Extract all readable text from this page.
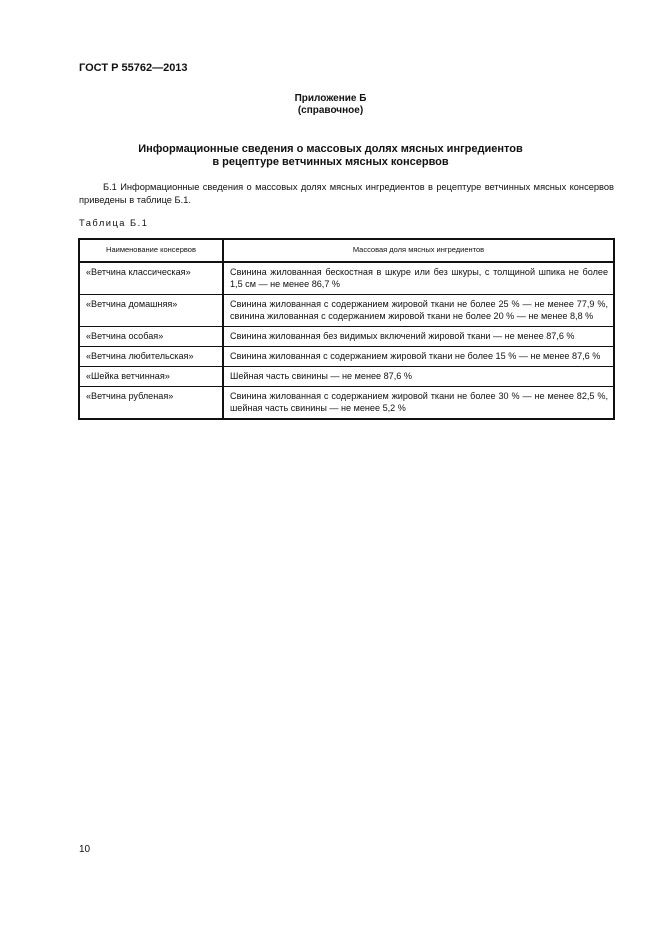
ГОСТ Р 55762—2013
Приложение Б
(справочное)
Информационные сведения о массовых долях мясных ингредиентов
в рецептуре ветчинных мясных консервов
Б.1 Информационные сведения о массовых долях мясных ингредиентов в рецептуре ветчинных мясных консервов приведены в таблице Б.1.
Таблица Б.1
Наименование консервов	Массовая доля мясных ингредиентов
«Ветчина классическая»	Свинина жилованная бескостная в шкуре или без шкуры, с толщиной шпика не более 1,5 см — не менее 86,7 %
«Ветчина домашняя»	Свинина жилованная с содержанием жировой ткани не более 25 % — не менее 77,9 %, свинина жилованная с содержанием жировой ткани не более 20 % — не менее 8,8 %
«Ветчина особая»	Свинина жилованная без видимых включений жировой ткани — не менее 87,6 %
«Ветчина любительская»	Свинина жилованная с содержанием жировой ткани не более 15 % — не менее 87,6 %
«Шейка ветчинная»	Шейная часть свинины — не менее 87,6 %
«Ветчина рубленая»	Свинина жилованная с содержанием жировой ткани не более 30 % — не менее 82,5 %, шейная часть свинины — не менее 5,2 %
10
